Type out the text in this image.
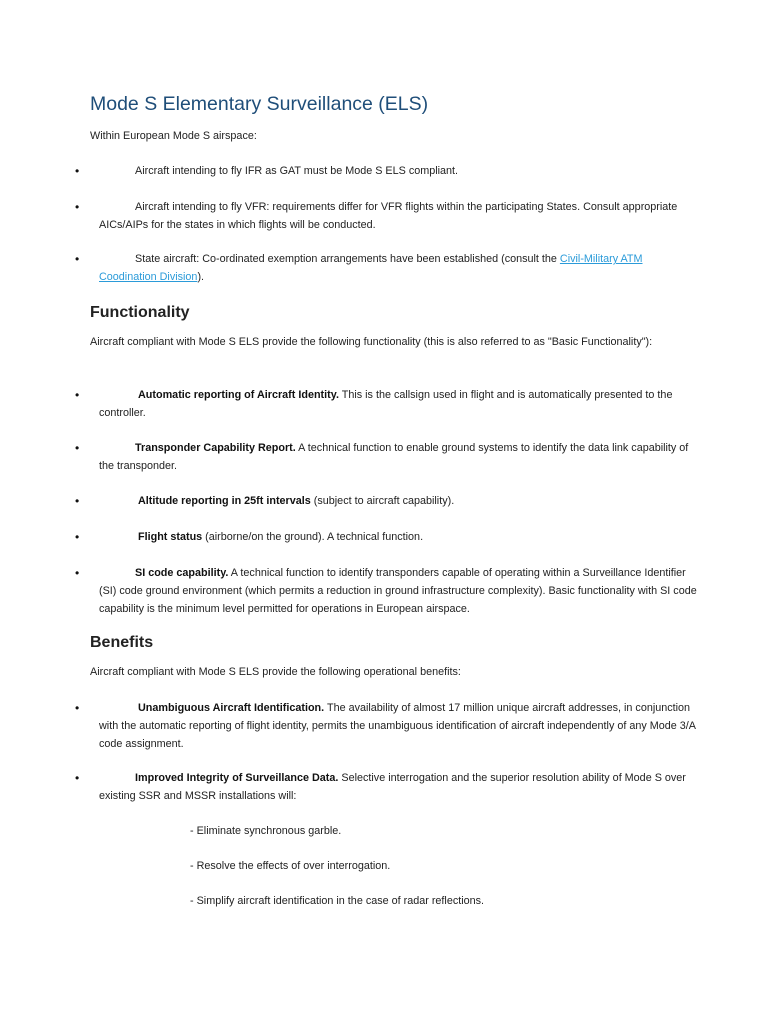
Mode S Elementary Surveillance (ELS)
Within European Mode S airspace:
•	Aircraft intending to fly IFR as GAT must be Mode S ELS compliant.
•	Aircraft intending to fly VFR: requirements differ for VFR flights within the participating States. Consult appropriate AICs/AIPs for the states in which flights will be conducted.
•	State aircraft: Co-ordinated exemption arrangements have been established (consult the Civil-Military ATM Coodination Division).
Functionality
Aircraft compliant with Mode S ELS provide the following functionality (this is also referred to as "Basic Functionality"):
•	Automatic reporting of Aircraft Identity. This is the callsign used in flight and is automatically presented to the controller.
•	Transponder Capability Report. A technical function to enable ground systems to identify the data link capability of the transponder.
•	Altitude reporting in 25ft intervals (subject to aircraft capability).
•	Flight status (airborne/on the ground). A technical function.
•	SI code capability. A technical function to identify transponders capable of operating within a Surveillance Identifier (SI) code ground environment (which permits a reduction in ground infrastructure complexity). Basic functionality with SI code capability is the minimum level permitted for operations in European airspace.
Benefits
Aircraft compliant with Mode S ELS provide the following operational benefits:
•	Unambiguous Aircraft Identification. The availability of almost 17 million unique aircraft addresses, in conjunction with the automatic reporting of flight identity, permits the unambiguous identification of aircraft independently of any Mode 3/A code assignment.
•	Improved Integrity of Surveillance Data. Selective interrogation and the superior resolution ability of Mode S over existing SSR and MSSR installations will:
- Eliminate synchronous garble.
- Resolve the effects of over interrogation.
- Simplify aircraft identification in the case of radar reflections.
